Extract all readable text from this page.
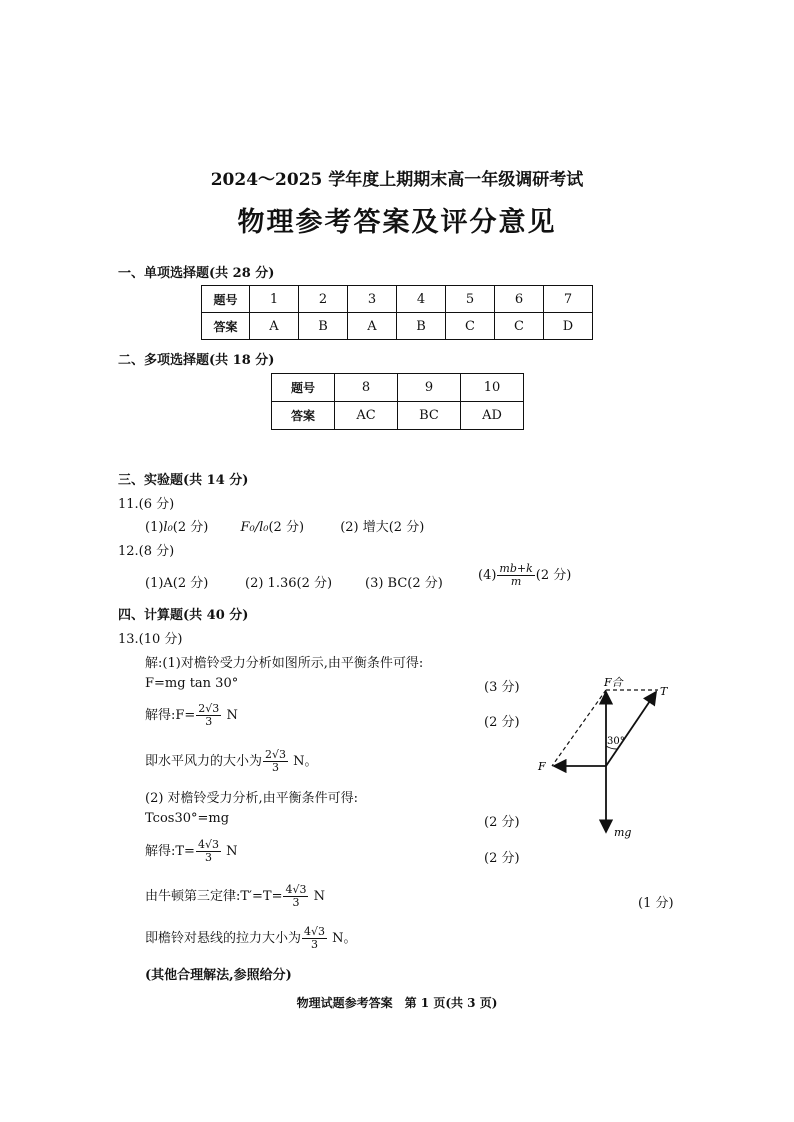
2024～2025 学年度上期期末高一年级调研考试
物理参考答案及评分意见
一、单项选择题(共 28 分)
题号	1	2	3	4	5	6	7
答案	A	B	A	B	C	C	D
二、多项选择题(共 18 分)
题号	8	9	10
答案	AC	BC	AD
三、实验题(共 14 分)
11.(6 分)
(1)l₀(2 分) F₀/l₀(2 分)	(2) 增大(2 分)
12.(8 分)
(1)A(2 分)	(2) 1.36(2 分)	(3) BC(2 分)
$(4) \frac{mb+k}{m} (2$ 分)
四、计算题(共 40 分)
13.(10 分)
解:(1)对檐铃受力分析如图所示,由平衡条件可得:
F=mg tan 30°	(3 分)
解得:F= $\frac{2√3}{3}$ N	(2 分)
即水平风力的大小为 $\frac{2√3}{3}$ N。
(2) 对檐铃受力分析,由平衡条件可得:
Tcos30°=mg	(2 分)
解得:T= $\frac{4√3}{3}$ N	(2 分)
由牛顿第三定律:T′=T= $\frac{4√3}{3}$ N	(1 分)
即檐铃对悬线的拉力大小为 $\frac{4√3}{3}$ N。
(其他合理解法,参照给分)
F合
T
F
mg
30°
物理试题参考答案　第 1 页(共 3 页)
